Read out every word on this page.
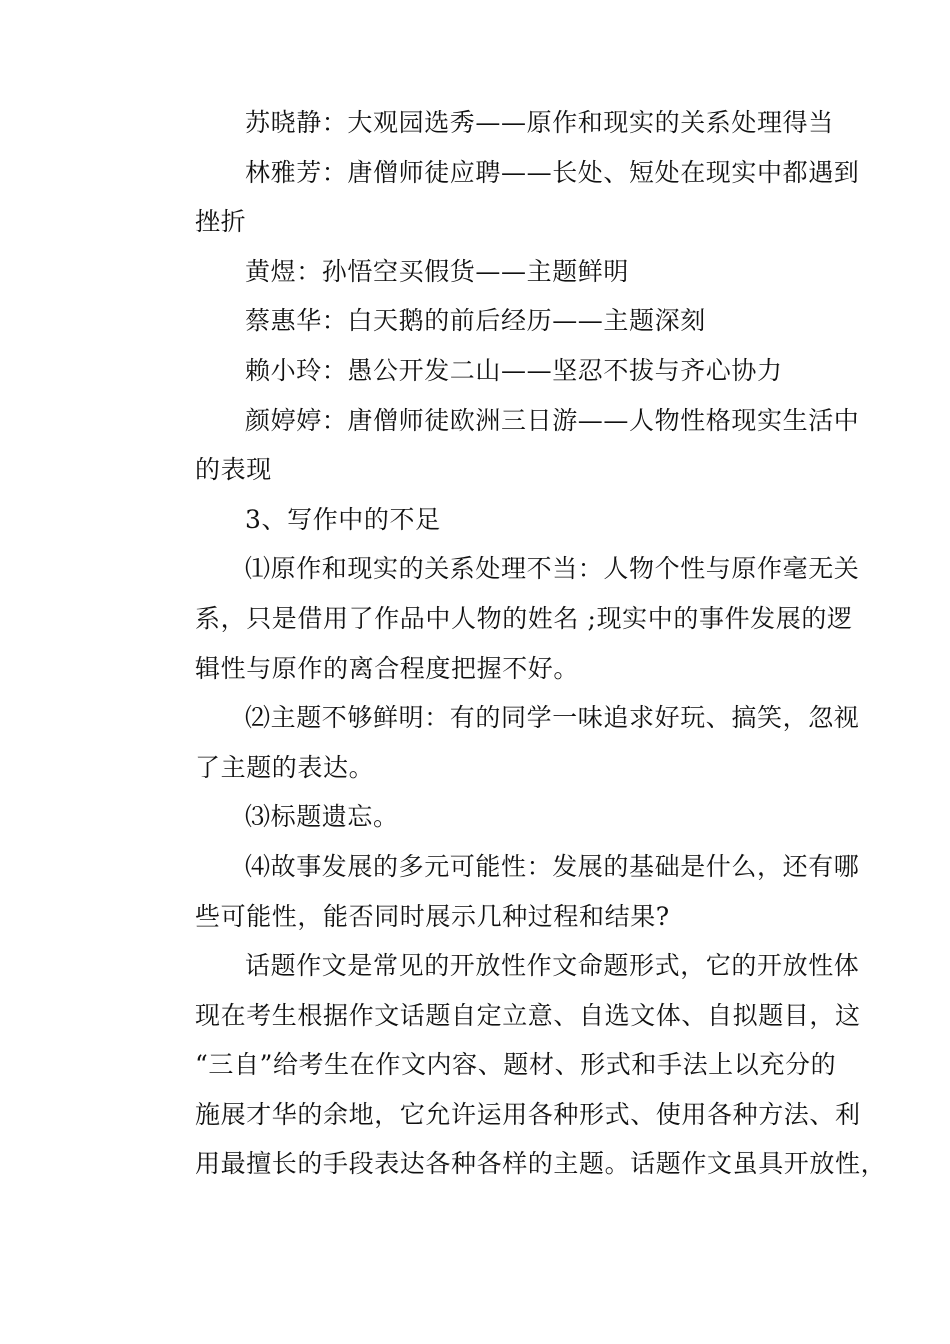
苏晓静：大观园选秀——原作和现实的关系处理得当
林雅芳：唐僧师徒应聘——长处、短处在现实中都遇到
挫折
黄煜：孙悟空买假货——主题鲜明
蔡惠华：白天鹅的前后经历——主题深刻
赖小玲：愚公开发二山——坚忍不拔与齐心协力
颜婷婷：唐僧师徒欧洲三日游——人物性格现实生活中
的表现
3、写作中的不足
⑴原作和现实的关系处理不当：人物个性与原作毫无关
系，只是借用了作品中人物的姓名 ;现实中的事件发展的逻
辑性与原作的离合程度把握不好。
⑵主题不够鲜明：有的同学一味追求好玩、搞笑，忽视
了主题的表达。
⑶标题遗忘。
⑷故事发展的多元可能性：发展的基础是什么，还有哪
些可能性，能否同时展示几种过程和结果?
话题作文是常见的开放性作文命题形式，它的开放性体
现在考生根据作文话题自定立意、自选文体、自拟题目，这
“三自”给考生在作文内容、题材、形式和手法上以充分的
施展才华的余地，它允许运用各种形式、使用各种方法、利
用最擅长的手段表达各种各样的主题。话题作文虽具开放性，
